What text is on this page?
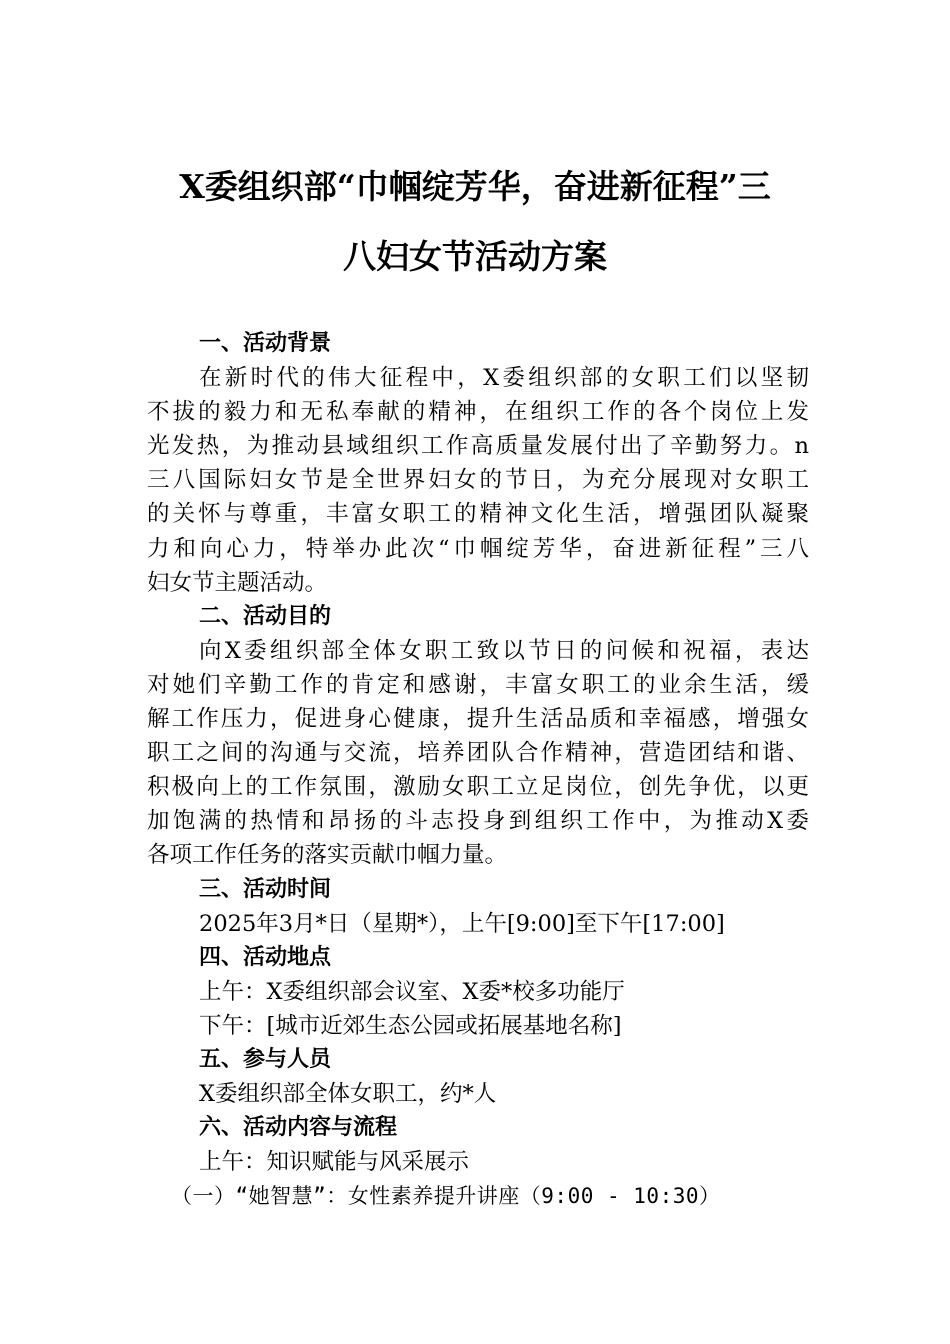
X委组织部“巾帼绽芳华，奋进新征程”三
八妇女节活动方案
一、活动背景
在新时代的伟大征程中，X委组织部的女职工们以坚韧
不拔的毅力和无私奉献的精神，在组织工作的各个岗位上发
光发热，为推动县域组织工作高质量发展付出了辛勤努力。n
三八国际妇女节是全世界妇女的节日，为充分展现对女职工
的关怀与尊重，丰富女职工的精神文化生活，增强团队凝聚
力和向心力，特举办此次“巾帼绽芳华，奋进新征程”三八
妇女节主题活动。
二、活动目的
向X委组织部全体女职工致以节日的问候和祝福，表达
对她们辛勤工作的肯定和感谢，丰富女职工的业余生活，缓
解工作压力，促进身心健康，提升生活品质和幸福感，增强女
职工之间的沟通与交流，培养团队合作精神，营造团结和谐、
积极向上的工作氛围，激励女职工立足岗位，创先争优，以更
加饱满的热情和昂扬的斗志投身到组织工作中，为推动X委
各项工作任务的落实贡献巾帼力量。
三、活动时间
2025年3月*日（星期*），上午[9:00]至下午[17:00]
四、活动地点
上午：X委组织部会议室、X委*校多功能厅
下午：[城市近郊生态公园或拓展基地名称]
五、参与人员
X委组织部全体女职工，约*人
六、活动内容与流程
上午：知识赋能与风采展示
（一）“她智慧”：女性素养提升讲座（9:00 - 10:30）
